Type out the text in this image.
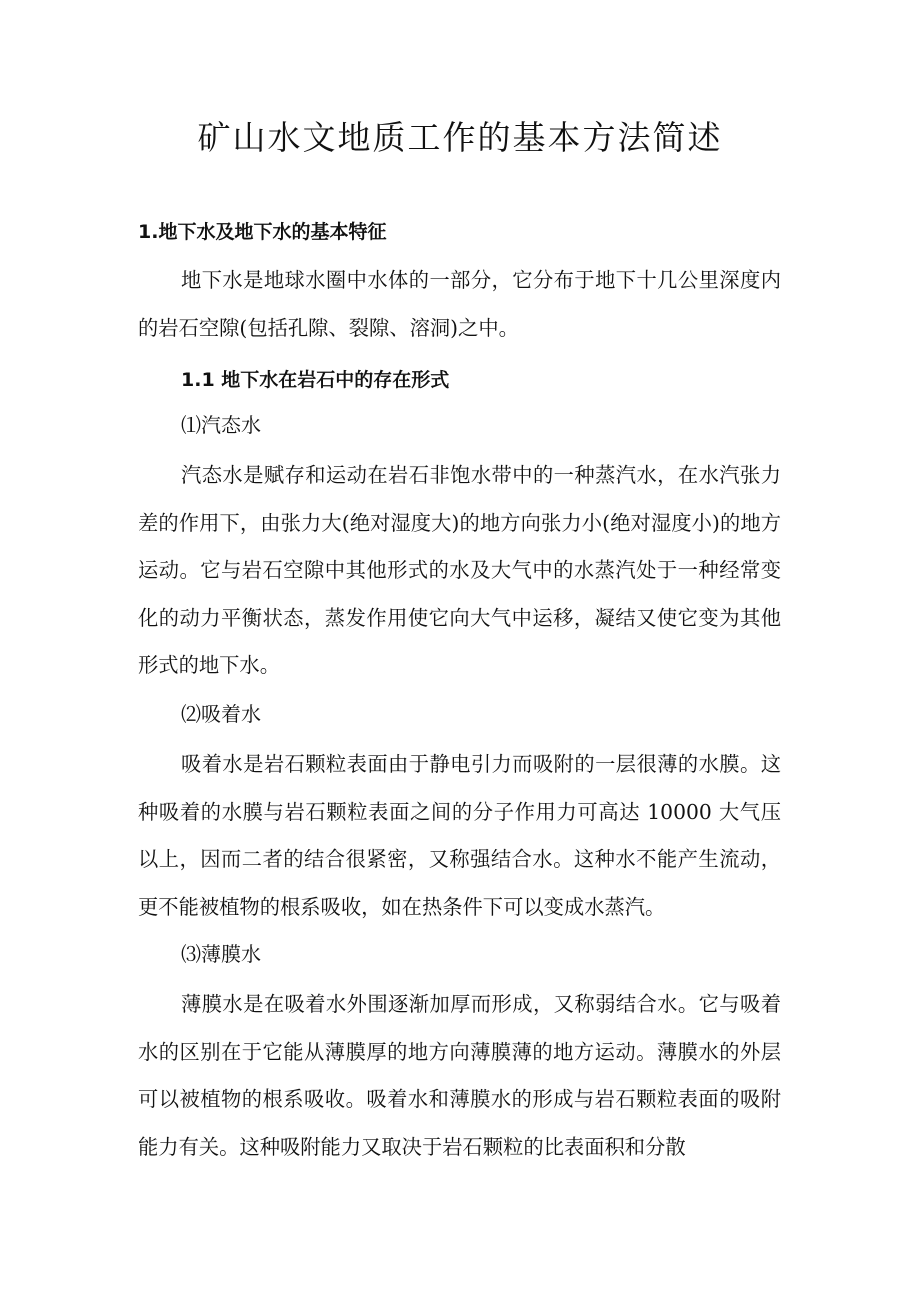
矿山水文地质工作的基本方法简述
1.地下水及地下水的基本特征

地下水是地球水圈中水体的一部分，它分布于地下十几公里深度内的岩石空隙(包括孔隙、裂隙、溶洞)之中。

1.1 地下水在岩石中的存在形式
⑴汽态水

汽态水是赋存和运动在岩石非饱水带中的一种蒸汽水，在水汽张力差的作用下，由张力大(绝对湿度大)的地方向张力小(绝对湿度小)的地方运动。它与岩石空隙中其他形式的水及大气中的水蒸汽处于一种经常变化的动力平衡状态，蒸发作用使它向大气中运移，凝结又使它变为其他形式的地下水。

⑵吸着水

吸着水是岩石颗粒表面由于静电引力而吸附的一层很薄的水膜。这种吸着的水膜与岩石颗粒表面之间的分子作用力可高达 10000 大气压以上，因而二者的结合很紧密，又称强结合水。这种水不能产生流动，更不能被植物的根系吸收，如在热条件下可以变成水蒸汽。

⑶薄膜水

薄膜水是在吸着水外围逐渐加厚而形成，又称弱结合水。它与吸着水的区别在于它能从薄膜厚的地方向薄膜薄的地方运动。薄膜水的外层可以被植物的根系吸收。吸着水和薄膜水的形成与岩石颗粒表面的吸附能力有关。这种吸附能力又取决于岩石颗粒的比表面积和分散
